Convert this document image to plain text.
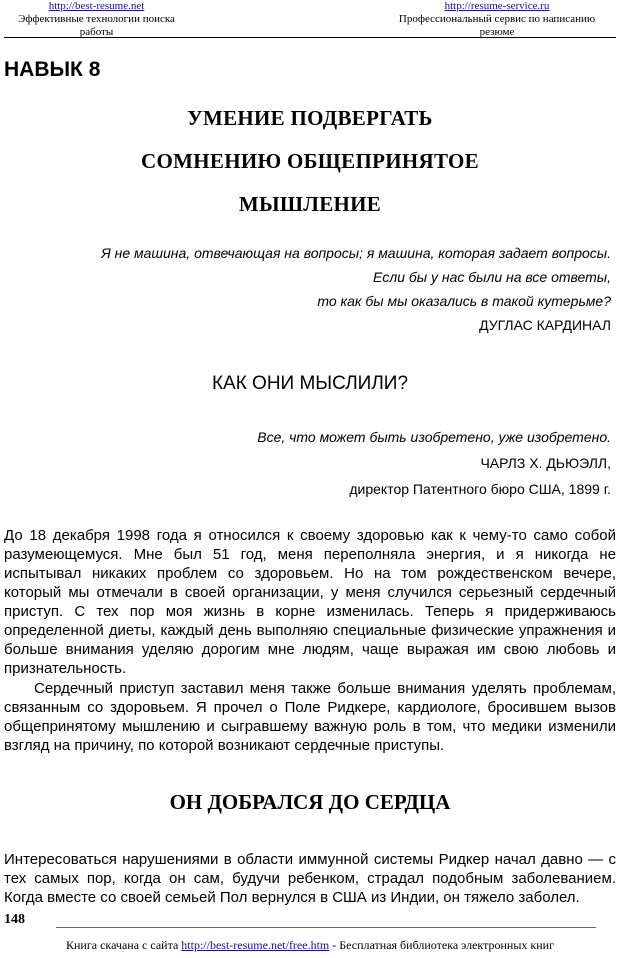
http://best-resume.net
Эффективные технологии поиска работы
http://resume-service.ru
Профессиональный сервис по написанию резюме
НАВЫК 8
УМЕНИЕ ПОДВЕРГАТЬ
СОМНЕНИЮ ОБЩЕПРИНЯТОЕ
МЫШЛЕНИЕ
Я не машина, отвечающая на вопросы; я машина, которая задает вопросы.
Если бы у нас были на все ответы,
то как бы мы оказались в такой кутерьме?
ДУГЛАС КАРДИНАЛ
КАК ОНИ МЫСЛИЛИ?
Все, что может быть изобретено, уже изобретено.
ЧАРЛЗ Х. ДЬЮЭЛЛ,
директор Патентного бюро США, 1899 г.

До 18 декабря 1998 года я относился к своему здоровью как к чему-то само собой разумеющемуся. Мне был 51 год, меня переполняла энергия, и я никогда не испытывал никаких проблем со здоровьем. Но на том рождественском вечере, который мы отмечали в своей организации, у меня случился серьезный сердечный приступ. С тех пор моя жизнь в корне изменилась. Теперь я придерживаюсь определенной диеты, каждый день выполняю специальные физические упражнения и больше внимания уделяю дорогим мне людям, чаще выражая им свою любовь и признательность.

Сердечный приступ заставил меня также больше внимания уделять проблемам, связанным со здоровьем. Я прочел о Поле Ридкере, кардиологе, бросившем вызов общепринятому мышлению и сыгравшему важную роль в том, что медики изменили взгляд на причину, по которой возникают сердечные приступы.

ОН ДОБРАЛСЯ ДО СЕРДЦА

Интересоваться нарушениями в области иммунной системы Ридкер начал давно — с тех самых пор, когда он сам, будучи ребенком, страдал подобным заболеванием. Когда вместе со своей семьей Пол вернулся в США из Индии, он тяжело заболел.

148
Книга скачана с сайта http://best-resume.net/free.htm - Бесплатная библиотека электронных книг
